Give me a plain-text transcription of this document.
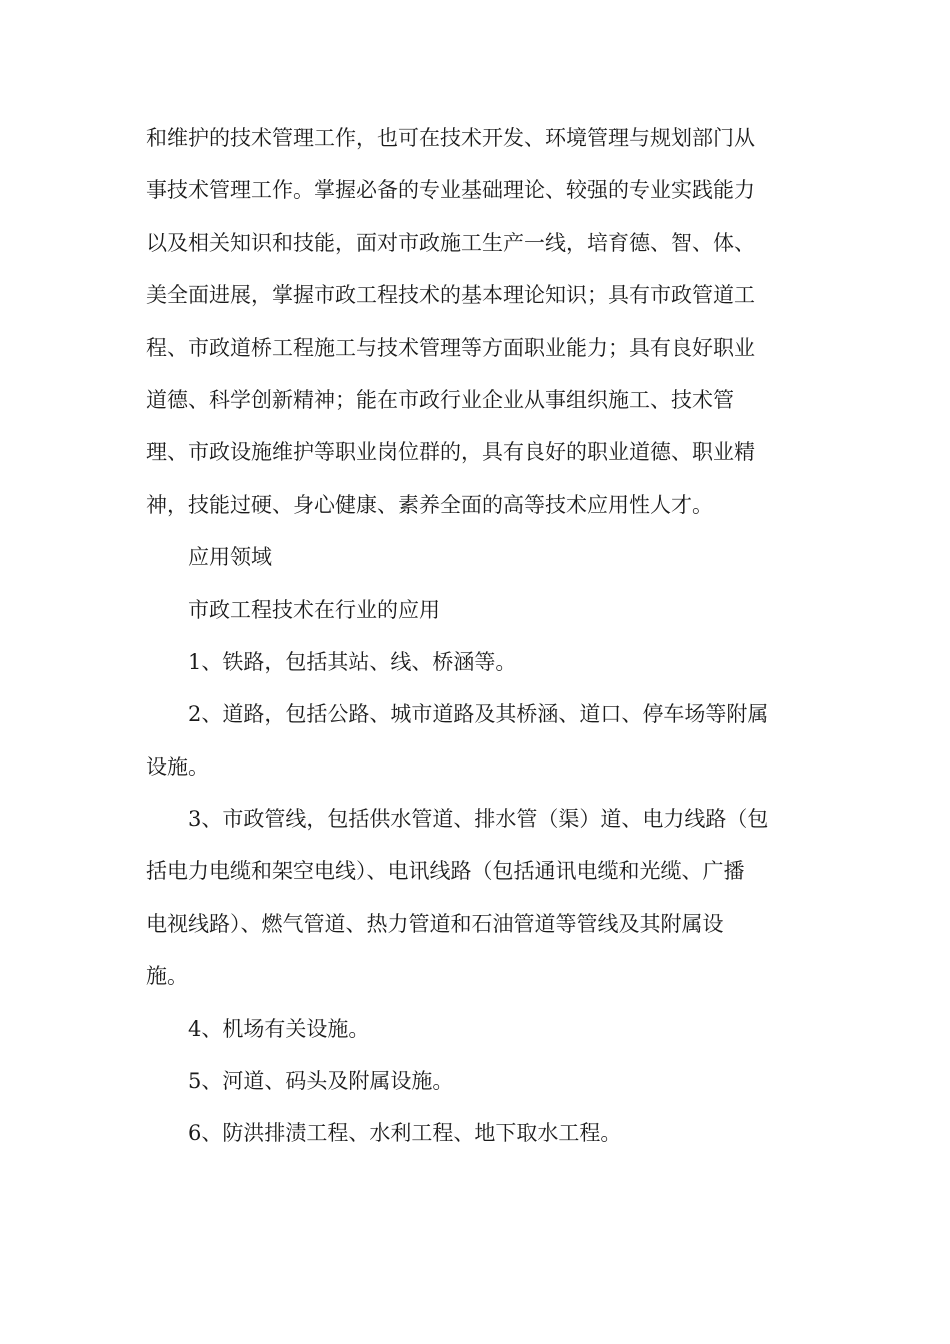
和维护的技术管理工作，也可在技术开发、环境管理与规划部门从
事技术管理工作。掌握必备的专业基础理论、较强的专业实践能力
以及相关知识和技能，面对市政施工生产一线，培育德、智、体、
美全面进展，掌握市政工程技术的基本理论知识；具有市政管道工
程、市政道桥工程施工与技术管理等方面职业能力；具有良好职业
道德、科学创新精神；能在市政行业企业从事组织施工、技术管
理、市政设施维护等职业岗位群的，具有良好的职业道德、职业精
神，技能过硬、身心健康、素养全面的高等技术应用性人才。

应用领域

市政工程技术在行业的应用

1、铁路，包括其站、线、桥涵等。

2、道路，包括公路、城市道路及其桥涵、道口、停车场等附属
设施。

3、市政管线，包括供水管道、排水管（渠）道、电力线路（包
括电力电缆和架空电线）、电讯线路（包括通讯电缆和光缆、广播
电视线路）、燃气管道、热力管道和石油管道等管线及其附属设
施。

4、机场有关设施。

5、河道、码头及附属设施。

6、防洪排渍工程、水利工程、地下取水工程。
